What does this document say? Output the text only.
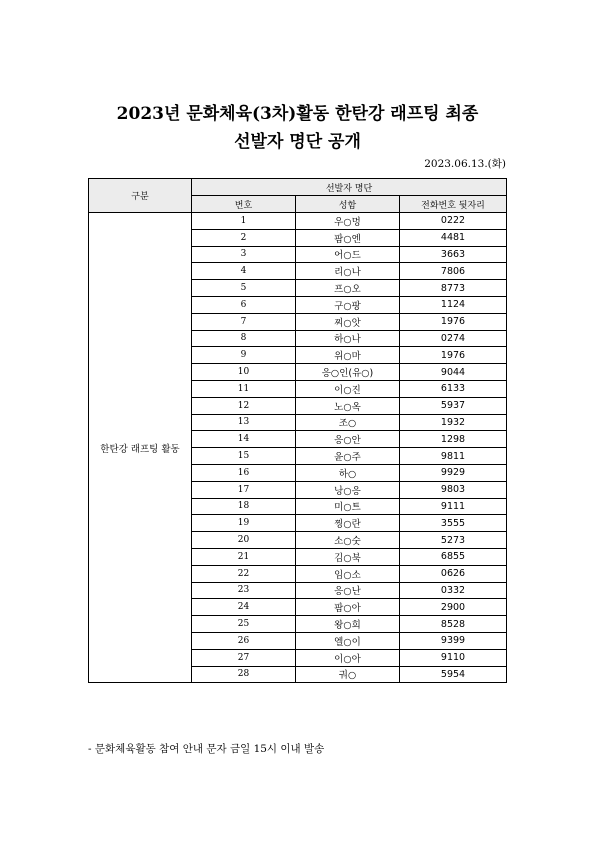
2023년 문화체육(3차)활동 한탄강 래프팅 최종
선발자 명단 공개
2023.06.13.(화)
구분	선발자 명단		
	번호	성함	전화번호 뒷자리
한탄강 래프팅 활동	1	우○멍	0222
	2	팜○엔	4481
	3	어○드	3663
	4	리○나	7806
	5	프○오	8773
	6	구○팡	1124
	7	찌○앗	1976
	8	하○나	0274
	9	위○마	1976
	10	응○인(유○)	9044
	11	이○진	6133
	12	노○옥	5937
	13	조○	1932
	14	응○안	1298
	15	윤○주	9811
	16	하○	9929
	17	낭○응	9803
	18	미○트	9111
	19	찡○란	3555
	20	소○숫	5273
	21	김○북	6855
	22	임○소	0626
	23	응○난	0332
	24	팜○아	2900
	25	왕○희	8528
	26	엘○이	9399
	27	이○아	9110
	28	궈○	5954
- 문화체육활동 참여 안내 문자 금일 15시 이내 발송
